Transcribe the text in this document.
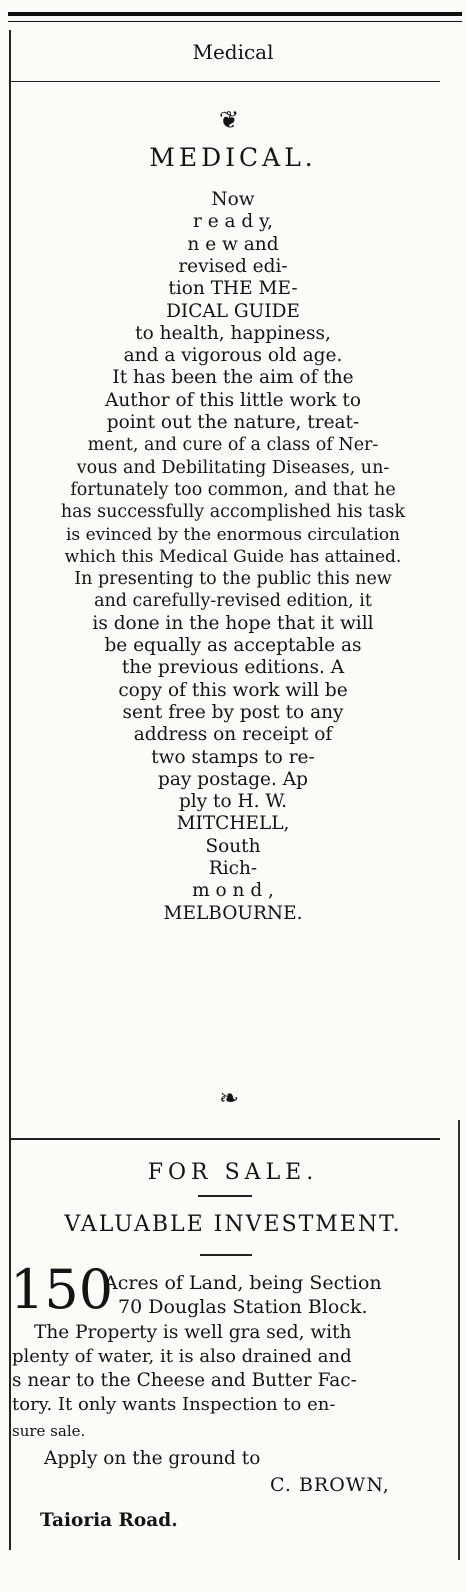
Medical
❦
MEDICAL.
Now
r e a d y,
n e w and
revised edi-
tion THE ME-
DICAL GUIDE
to health, happiness,
and a vigorous old age.
It has been the aim of the
Author of this little work to
point out the nature, treat-
ment, and cure of a class of Ner-
vous and Debilitating Diseases, un-
fortunately too common, and that he
has successfully accomplished his task
is evinced by the enormous circulation
which this Medical Guide has attained.
In presenting to the public this new
and carefully-revised edition, it
is done in the hope that it will
be equally as acceptable as
the previous editions. A
copy of this work will be
sent free by post to any
address on receipt of
two stamps to re-
pay postage. Ap
ply to H. W.
MITCHELL,
South
Rich-
m o n d ,
MELBOURNE.
❧
FOR SALE.
VALUABLE INVESTMENT.
150
Acres of Land, being Section
70 Douglas Station Block.
The Property is well gra sed, with
plenty of water, it is also drained and
s near to the Cheese and Butter Fac-
tory. It only wants Inspection to en-
sure sale.
Apply on the ground to
C. BROWN,
Taioria Road.
